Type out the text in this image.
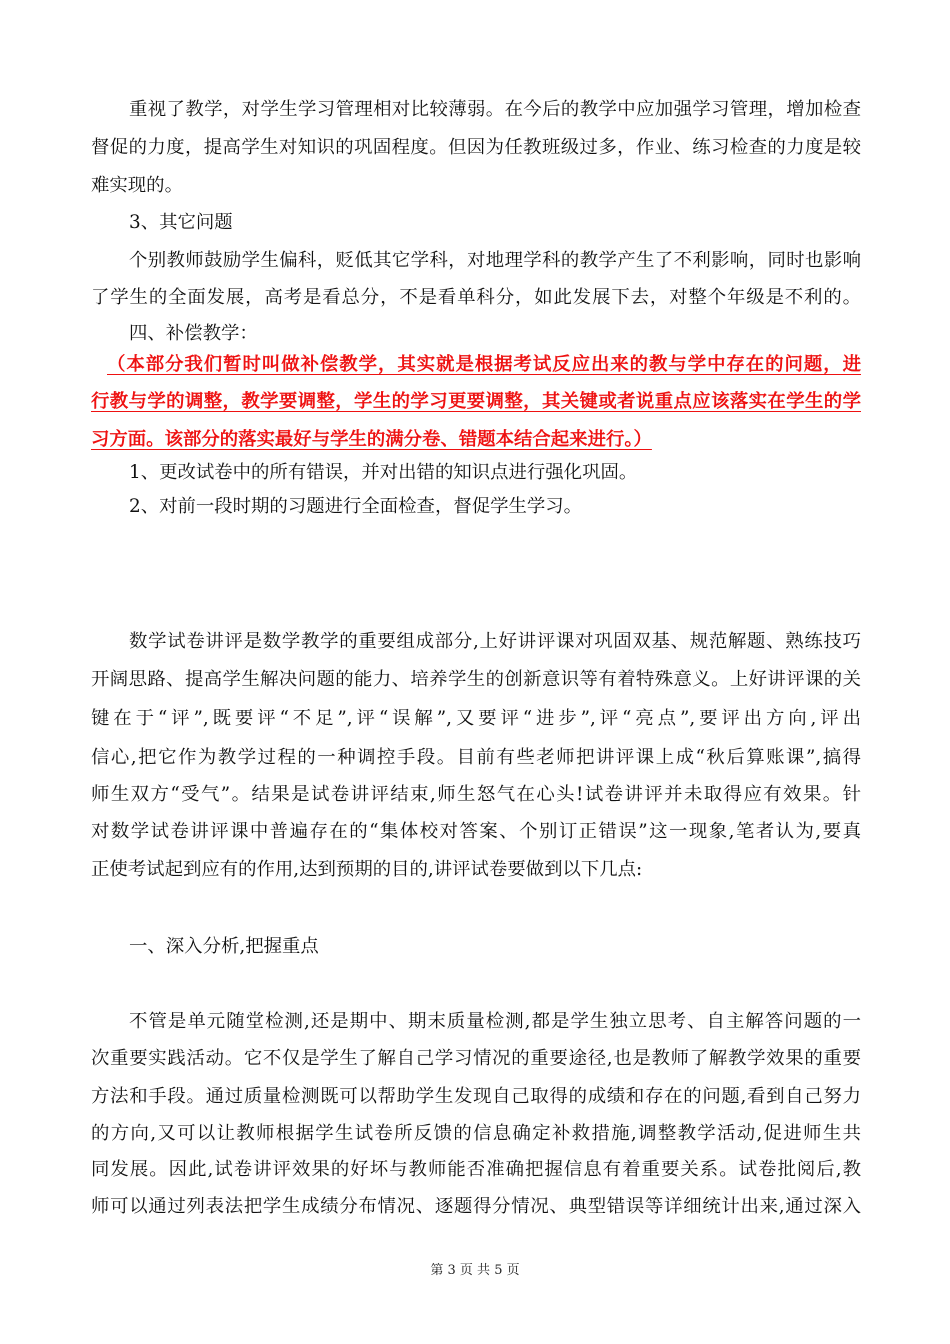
重视了教学，对学生学习管理相对比较薄弱。在今后的教学中应加强学习管理，增加检查
督促的力度，提高学生对知识的巩固程度。但因为任教班级过多，作业、练习检查的力度是较
难实现的。
3、其它问题
个别教师鼓励学生偏科，贬低其它学科，对地理学科的教学产生了不利影响，同时也影响
了学生的全面发展，高考是看总分，不是看单科分，如此发展下去，对整个年级是不利的。
四、补偿教学：
（本部分我们暂时叫做补偿教学，其实就是根据考试反应出来的教与学中存在的问题，进
行教与学的调整，教学要调整，学生的学习更要调整，其关键或者说重点应该落实在学生的学
习方面。该部分的落实最好与学生的满分卷、错题本结合起来进行。）
1、更改试卷中的所有错误，并对出错的知识点进行强化巩固。
2、对前一段时期的习题进行全面检查，督促学生学习。
数学试卷讲评是数学教学的重要组成部分,上好讲评课对巩固双基、规范解题、熟练技巧
开阔思路、提高学生解决问题的能力、培养学生的创新意识等有着特殊意义。上好讲评课的关
键在于“评”,既要评“不足”,评“误解”,又要评“进步”,评“亮点”,要评出方向,评出
信心,把它作为教学过程的一种调控手段。目前有些老师把讲评课上成“秋后算账课”,搞得
师生双方“受气”。结果是试卷讲评结束,师生怒气在心头!试卷讲评并未取得应有效果。针
对数学试卷讲评课中普遍存在的“集体校对答案、个别订正错误”这一现象,笔者认为,要真
正使考试起到应有的作用,达到预期的目的,讲评试卷要做到以下几点:
一、深入分析,把握重点
不管是单元随堂检测,还是期中、期末质量检测,都是学生独立思考、自主解答问题的一
次重要实践活动。它不仅是学生了解自己学习情况的重要途径,也是教师了解教学效果的重要
方法和手段。通过质量检测既可以帮助学生发现自己取得的成绩和存在的问题,看到自己努力
的方向,又可以让教师根据学生试卷所反馈的信息确定补救措施,调整教学活动,促进师生共
同发展。因此,试卷讲评效果的好坏与教师能否准确把握信息有着重要关系。试卷批阅后,教
师可以通过列表法把学生成绩分布情况、逐题得分情况、典型错误等详细统计出来,通过深入
第 3 页 共 5 页
